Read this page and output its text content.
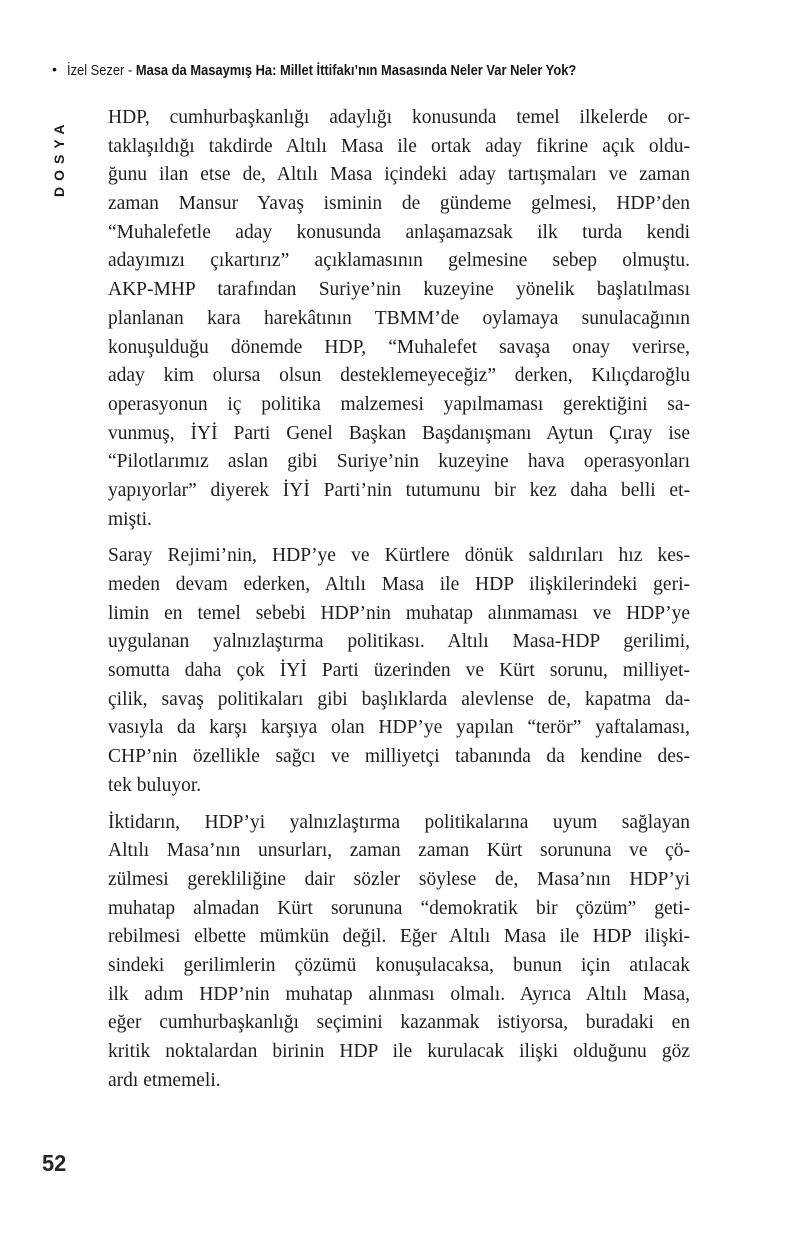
• İzel Sezer - Masa da Masaymış Ha: Millet İttifakı’nın Masasında Neler Var Neler Yok?
DOSYA
HDP, cumhurbaşkanlığı adaylığı konusunda temel ilkelerde or-
taklaşıldığı takdirde Altılı Masa ile ortak aday fikrine açık oldu-
ğunu ilan etse de, Altılı Masa içindeki aday tartışmaları ve zaman
zaman Mansur Yavaş isminin de gündeme gelmesi, HDP’den
“Muhalefetle aday konusunda anlaşamazsak ilk turda kendi
adayımızı çıkartırız” açıklamasının gelmesine sebep olmuştu.
AKP-MHP tarafından Suriye’nin kuzeyine yönelik başlatılması
planlanan kara harekâtının TBMM’de oylamaya sunulacağının
konuşulduğu dönemde HDP, “Muhalefet savaşa onay verirse,
aday kim olursa olsun desteklemeyeceğiz” derken, Kılıçdaroğlu
operasyonun iç politika malzemesi yapılmaması gerektiğini sa-
vunmuş, İYİ Parti Genel Başkan Başdanışmanı Aytun Çıray ise
“Pilotlarımız aslan gibi Suriye’nin kuzeyine hava operasyonları
yapıyorlar” diyerek İYİ Parti’nin tutumunu bir kez daha belli et-
mişti.
Saray Rejimi’nin, HDP’ye ve Kürtlere dönük saldırıları hız kes-
meden devam ederken, Altılı Masa ile HDP ilişkilerindeki geri-
limin en temel sebebi HDP’nin muhatap alınmaması ve HDP’ye
uygulanan yalnızlaştırma politikası. Altılı Masa-HDP gerilimi,
somutta daha çok İYİ Parti üzerinden ve Kürt sorunu, milliyet-
çilik, savaş politikaları gibi başlıklarda alevlense de, kapatma da-
vasıyla da karşı karşıya olan HDP’ye yapılan “terör” yaftalaması,
CHP’nin özellikle sağcı ve milliyetçi tabanında da kendine des-
tek buluyor.
İktidarın, HDP’yi yalnızlaştırma politikalarına uyum sağlayan
Altılı Masa’nın unsurları, zaman zaman Kürt sorununa ve çö-
zülmesi gerekliliğine dair sözler söylese de, Masa’nın HDP’yi
muhatap almadan Kürt sorununa “demokratik bir çözüm” geti-
rebilmesi elbette mümkün değil. Eğer Altılı Masa ile HDP ilişki-
sindeki gerilimlerin çözümü konuşulacaksa, bunun için atılacak
ilk adım HDP’nin muhatap alınması olmalı. Ayrıca Altılı Masa,
eğer cumhurbaşkanlığı seçimini kazanmak istiyorsa, buradaki en
kritik noktalardan birinin HDP ile kurulacak ilişki olduğunu göz
ardı etmemeli.
52
